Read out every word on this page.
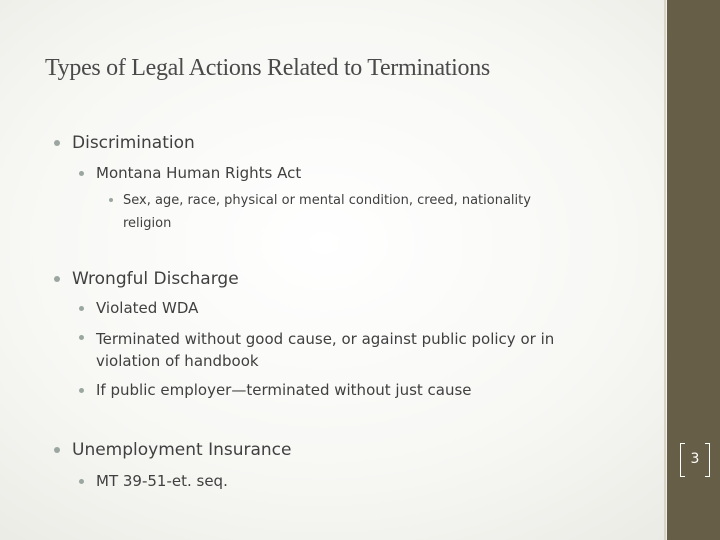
Types of Legal Actions Related to Terminations
Discrimination
Montana Human Rights Act
Sex, age, race, physical or mental condition, creed, nationality
religion
Wrongful Discharge
Violated WDA
Terminated without good cause, or against public policy or in
violation of handbook
If public employer—terminated without just cause
Unemployment Insurance
MT 39-51-et. seq.
3
